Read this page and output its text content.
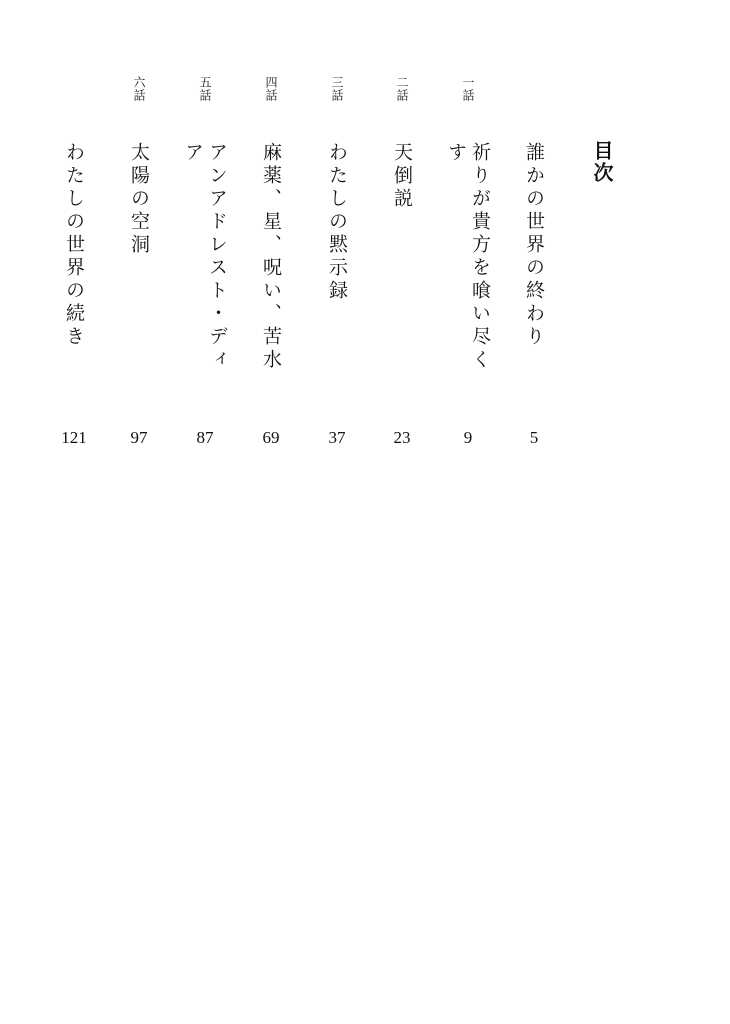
目次
誰かの世界の終わり
5
一話
祈りが貴方を喰い尽くす
9
二話
天倒説
23
三話
わたしの黙示録
37
四話
麻薬、星、呪い、苦水
69
五話
アンアドレスト・ディア
87
六話
太陽の空洞
97
わたしの世界の続き
121
